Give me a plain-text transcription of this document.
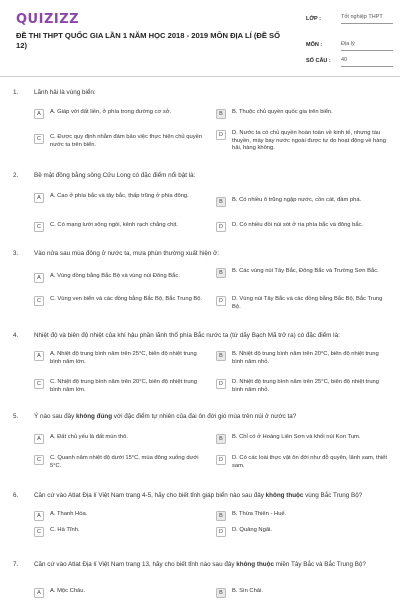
QUIZIZZ
ĐỀ THI THPT QUỐC GIA LẦN 1 NĂM HỌC 2018 - 2019 MÔN ĐỊA LÍ (ĐỀ SỐ 12)
LỚP :	Tốt nghiệp THPT
MÔN :	Địa lý
SỐ CÂU : 40
1. Lãnh hải là vùng biển:
A	A. Giáp với đất liền, ở phía trong đường cơ sở.	B	B. Thuộc chủ quyền quốc gia trên biển.
C	C. Được quy định nhằm đảm bảo việc thực hiện chủ quyền nước ta trên biển.
D	D. Nước ta có chủ quyền hoàn toàn về kinh tế, nhưng tàu thuyền, máy bay nước ngoài được tự do hoạt động về hàng hải, hàng không.
2. Bề mặt đồng bằng sông Cửu Long có đặc điểm nổi bật là:
A	A. Cao ở phía bắc và tây bắc, thấp trũng ở phía đông.
B	B. Có nhiều ô trũng ngập nước, cồn cát, đầm phá.
C	C. Có mạng lưới sông ngòi, kênh rạch chằng chịt.	D	D. Có nhiều đồi núi sót ở rìa phía bắc và đông bắc.
3. Vào nửa sau mùa đông ở nước ta, mưa phùn thường xuất hiện ở:
A	A. Vùng đồng bằng Bắc Bộ và vùng núi Đông Bắc.	B	B. Các vùng núi Tây Bắc, Đông Bắc và Trường Sơn Bắc.
C	C. Vùng ven biển và các đồng bằng Bắc Bộ, Bắc Trung Bộ.	D	D. Vùng núi Tây Bắc và các đồng bằng Bắc Bộ, Bắc Trung Bộ.
4. Nhiệt độ và biên độ nhiệt của khí hậu phần lãnh thổ phía Bắc nước ta (từ dãy Bạch Mã trở ra) có đặc điểm là:
A	A. Nhiệt độ trung bình năm trên 25°C, biên độ nhiệt trung bình năm lớn.
B	B. Nhiệt độ trung bình năm trên 20°C, biên độ nhiệt trung bình năm nhỏ.
C	C. Nhiệt độ trung bình năm trên 20°C, biên độ nhiệt trung bình năm lớn.
D	D. Nhiệt độ trung bình năm trên 25°C, biên độ nhiệt trung bình năm nhỏ.
5. Ý nào sau đây không đúng với đặc điểm tự nhiên của đai ôn đới gió mùa trên núi ở nước ta?
A	A. Đất chủ yếu là đất mùn thô.	B	B. Chỉ có ở Hoàng Liên Sơn và khối núi Kon Tum.
C	C. Quanh năm nhiệt độ dưới 15°C, mùa đông xuống dưới 5°C.
D	D. Có các loài thực vật ôn đới như đỗ quyên, lãnh sam, thiết sam.
6. Căn cứ vào Atlat Địa lí Việt Nam trang 4-5, hãy cho biết tỉnh giáp biển nào sau đây không thuộc vùng Bắc Trung Bộ?
A	A. Thanh Hóa.	B	B. Thừa Thiên - Huế.
C	C. Hà Tĩnh.	D	D. Quảng Ngãi.
7. Căn cứ vào Atlat Địa lí Việt Nam trang 13, hãy cho biết tỉnh nào sau đây không thuộc miền Tây Bắc và Bắc Trung Bộ?
A	A. Mộc Châu.	B	B. Sìn Chải.
